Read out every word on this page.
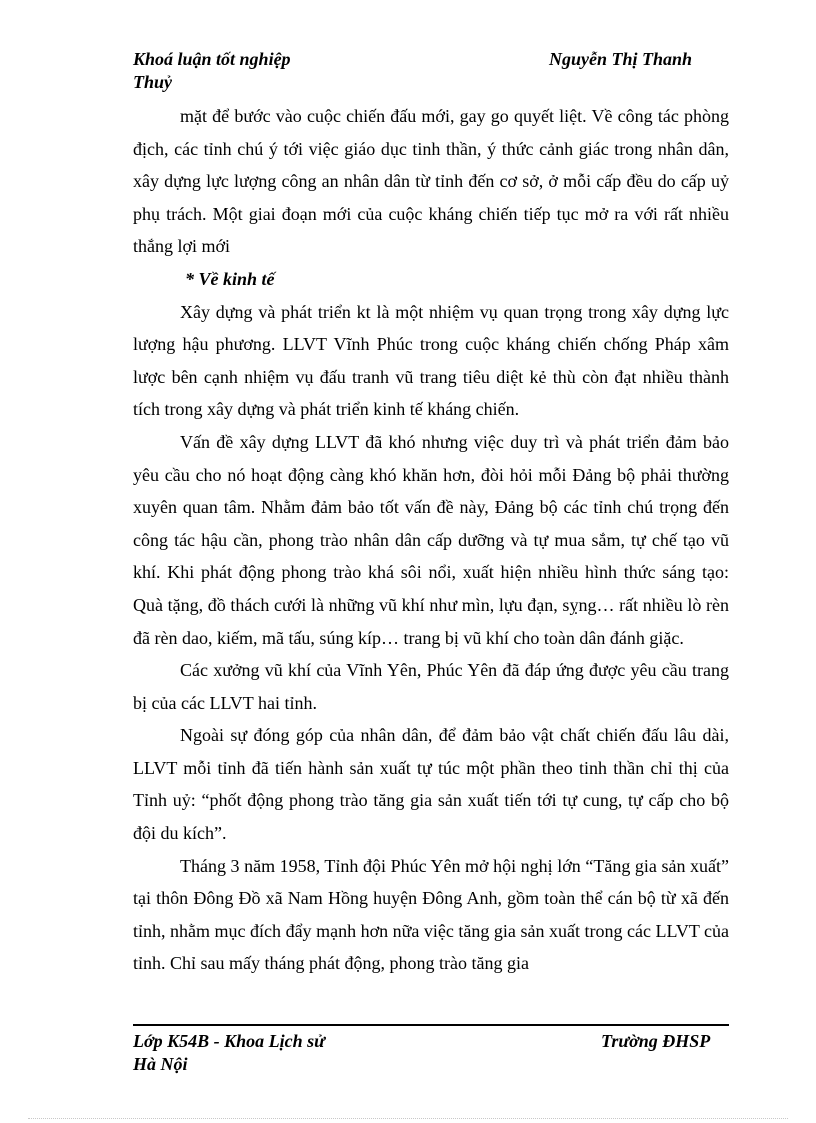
Khoá luận tốt nghiệp	Nguyễn Thị Thanh
Thuỷ

mặt để bước vào cuộc chiến đấu mới, gay go quyết liệt. Về công tác phòng địch, các tỉnh chú ý tới việc giáo dục tinh thần, ý thức cảnh giác trong nhân dân, xây dựng lực lượng công an nhân dân từ tỉnh đến cơ sở, ở mỗi cấp đều do cấp uỷ phụ trách. Một giai đoạn mới của cuộc kháng chiến tiếp tục mở ra với rất nhiều thắng lợi mới

* Về kinh tế

Xây dựng và phát triển kt là một nhiệm vụ quan trọng trong xây dựng lực lượng hậu phương. LLVT Vĩnh Phúc trong cuộc kháng chiến chống Pháp xâm lược bên cạnh nhiệm vụ đấu tranh vũ trang tiêu diệt kẻ thù còn đạt nhiều thành tích trong xây dựng và phát triển kinh tế kháng chiến.

Vấn đề xây dựng LLVT đã khó nhưng việc duy trì và phát triển đảm bảo yêu cầu cho nó hoạt động càng khó khăn hơn, đòi hỏi mỗi Đảng bộ phải thường xuyên quan tâm. Nhằm đảm bảo tốt vấn đề này, Đảng bộ các tỉnh chú trọng đến công tác hậu cần, phong trào nhân dân cấp dưỡng và tự mua sắm, tự chế tạo vũ khí. Khi phát động phong trào khá sôi nổi, xuất hiện nhiều hình thức sáng tạo: Quà tặng, đồ thách cưới là những vũ khí như mìn, lựu đạn, sỵng… rất nhiều lò rèn đã rèn dao, kiếm, mã tấu, súng kíp… trang bị vũ khí cho toàn dân đánh giặc.

Các xưởng vũ khí của Vĩnh Yên, Phúc Yên đã đáp ứng được yêu cầu trang bị của các LLVT hai tỉnh.

Ngoài sự đóng góp của nhân dân, để đảm bảo vật chất chiến đấu lâu dài, LLVT mỗi tỉnh đã tiến hành sản xuất tự túc một phần theo tinh thần chỉ thị của Tỉnh uỷ: “phốt động phong trào tăng gia sản xuất tiến tới tự cung, tự cấp cho bộ đội du kích”.

Tháng 3 năm 1958, Tỉnh đội Phúc Yên mở hội nghị lớn “Tăng gia sản xuất” tại thôn Đông Đồ xã Nam Hồng huyện Đông Anh, gồm toàn thể cán bộ từ xã đến tỉnh, nhằm mục đích đẩy mạnh hơn nữa việc tăng gia sản xuất trong các LLVT của tỉnh. Chỉ sau mấy tháng phát động, phong trào tăng gia

Lớp K54B - Khoa Lịch sử	Trường ĐHSP
Hà Nội
